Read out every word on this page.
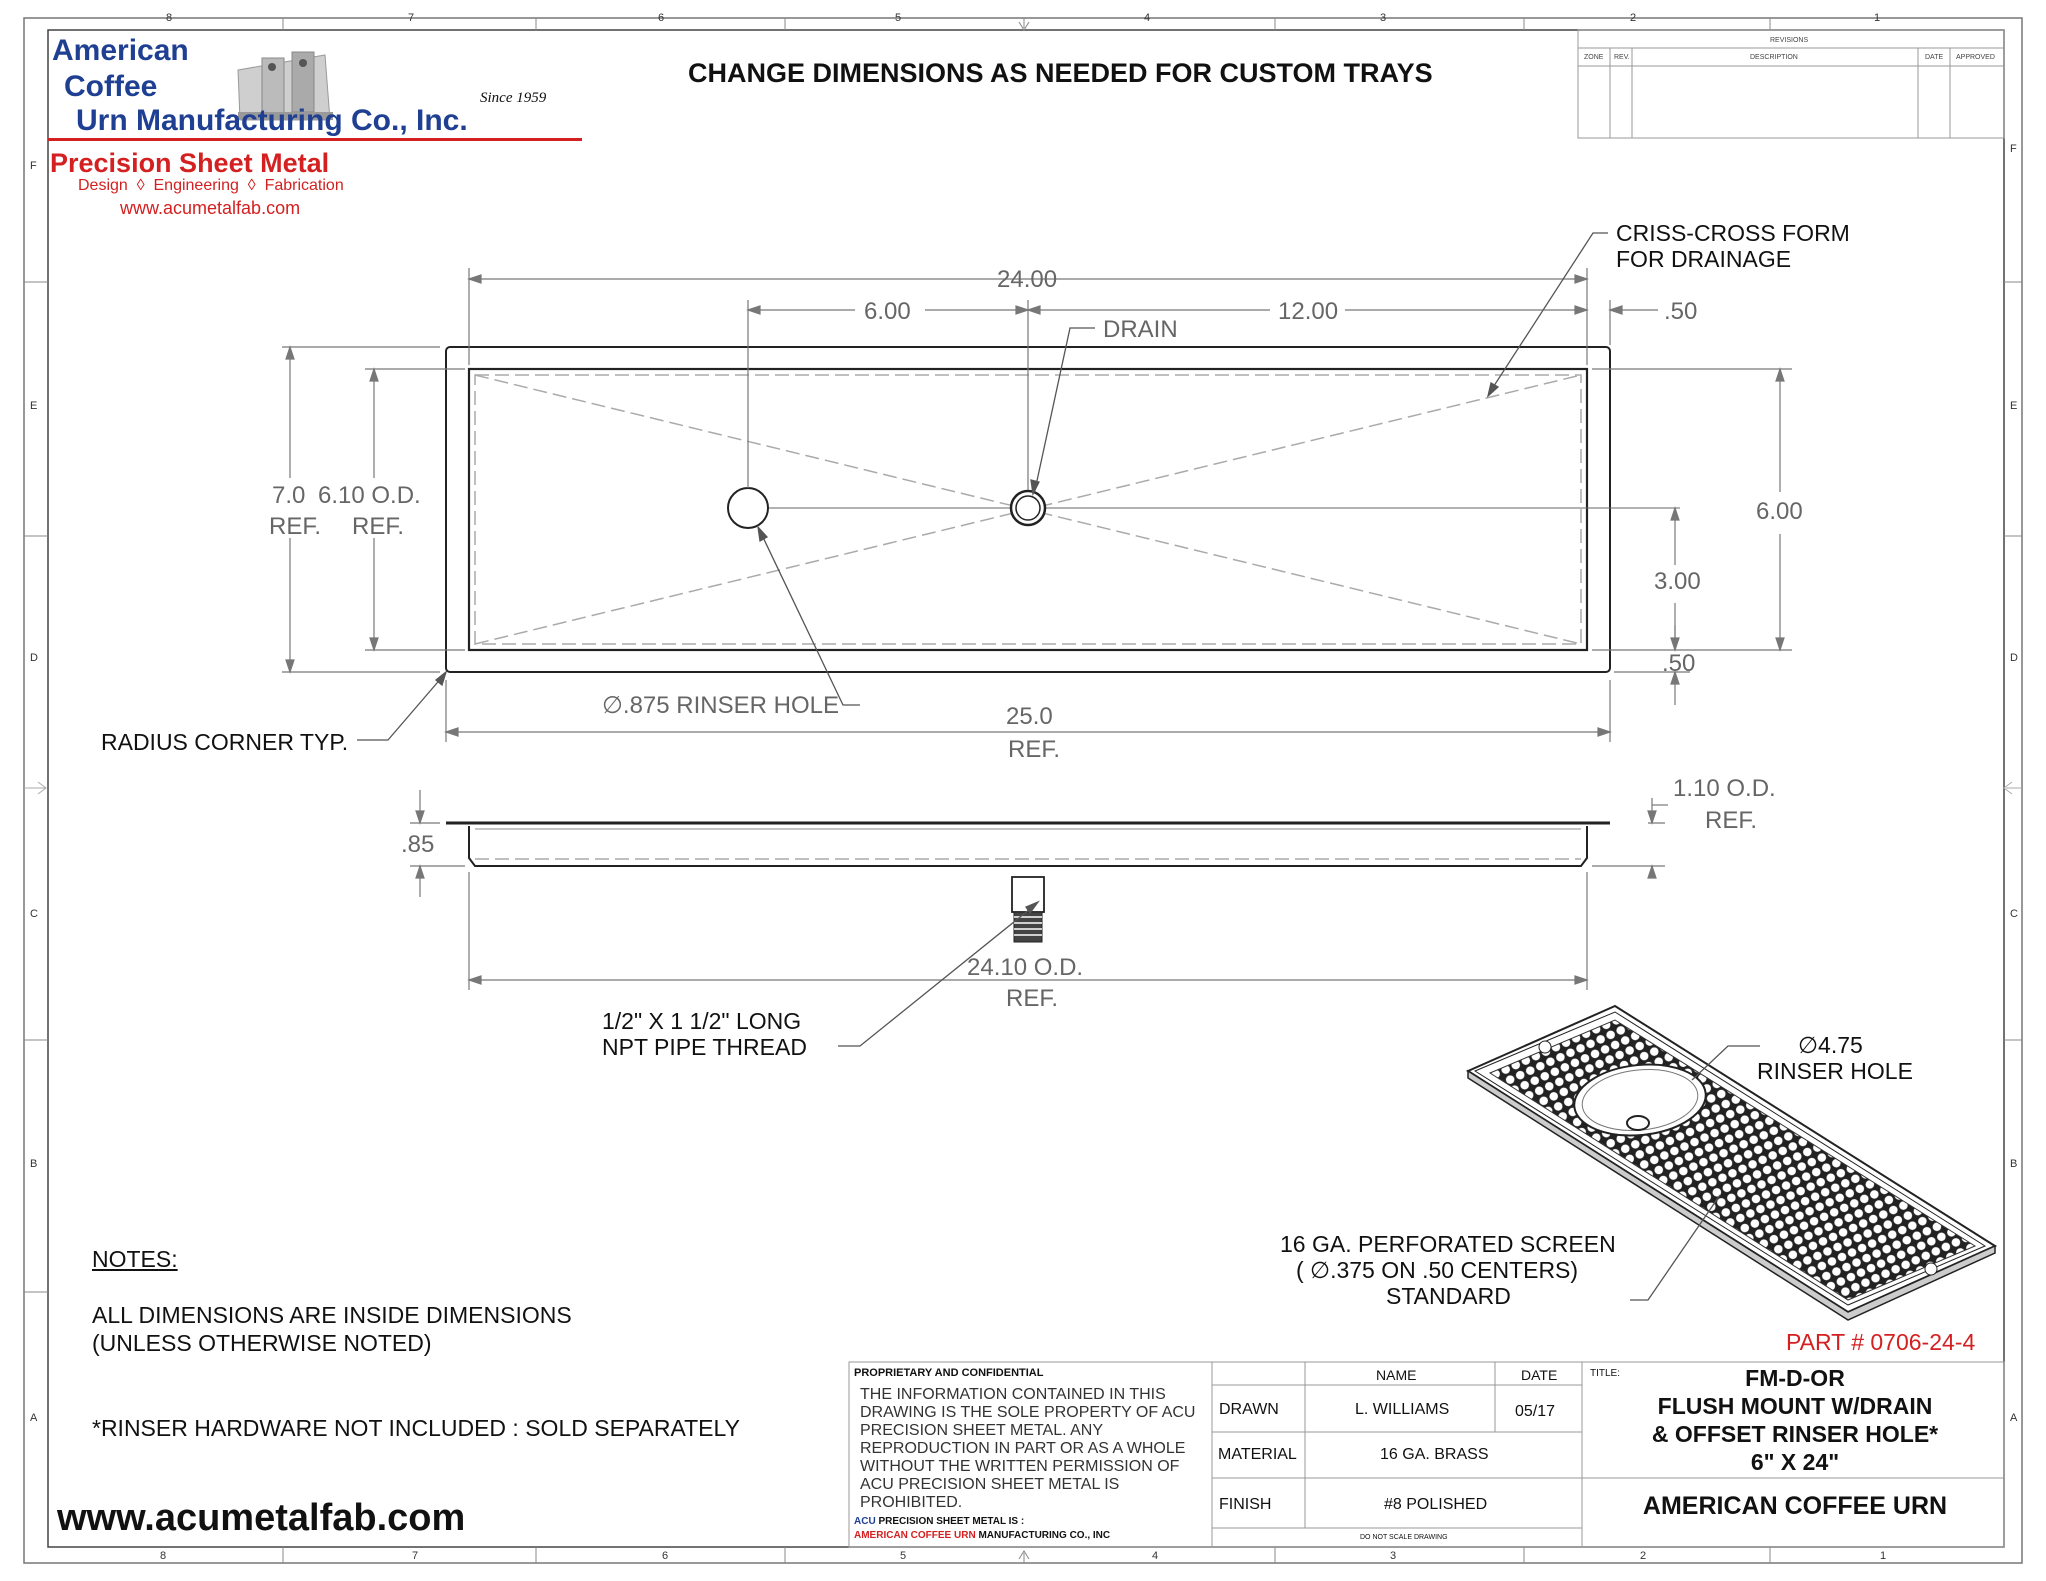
8	7	6	5	4	3	2	1
8	7	6	5	4	3	2	1
F
E
D
C
B
A
F
E
D
C
B
A
American
Coffee
Urn Manufacturing Co., Inc.
Since 1959
Precision Sheet Metal
Design  ◊  Engineering  ◊  Fabrication
www.acumetalfab.com
CHANGE DIMENSIONS AS NEEDED FOR CUSTOM TRAYS
REVISIONS
ZONE REV.	DESCRIPTION	DATE APPROVED
24.00
6.00	12.00	.50
DRAIN
CRISS-CROSS FORM
FOR DRAINAGE
7.0
REF.
6.10 O.D.
REF.
6.00
3.00
.50
∅.875 RINSER HOLE	25.0
REF.
RADIUS CORNER TYP.
.85
1.10 O.D.
REF.
24.10 O.D.
REF.
1/2" X 1 1/2" LONG
NPT PIPE THREAD	∅4.75
RINSER HOLE
16 GA. PERFORATED SCREEN
( ∅.375 ON .50 CENTERS)
STANDARD
NOTES:
ALL DIMENSIONS ARE INSIDE DIMENSIONS
(UNLESS OTHERWISE NOTED)
*RINSER HARDWARE NOT INCLUDED : SOLD SEPARATELY
www.acumetalfab.com
PART # 0706-24-4
PROPRIETARY AND CONFIDENTIAL
THE INFORMATION CONTAINED IN THIS DRAWING IS THE SOLE PROPERTY OF ACU PRECISION SHEET METAL. ANY REPRODUCTION IN PART OR AS A WHOLE WITHOUT THE WRITTEN PERMISSION OF ACU PRECISION SHEET METAL IS PROHIBITED.
ACU PRECISION SHEET METAL IS :
AMERICAN COFFEE URN MANUFACTURING CO., INC
NAME	DATE
DRAWN	L. WILLIAMS	05/17
MATERIAL	16 GA. BRASS
FINISH	#8 POLISHED
DO NOT SCALE DRAWING
TITLE:	FM-D-OR
FLUSH MOUNT W/DRAIN
& OFFSET RINSER HOLE*
6" X 24"
AMERICAN COFFEE URN
